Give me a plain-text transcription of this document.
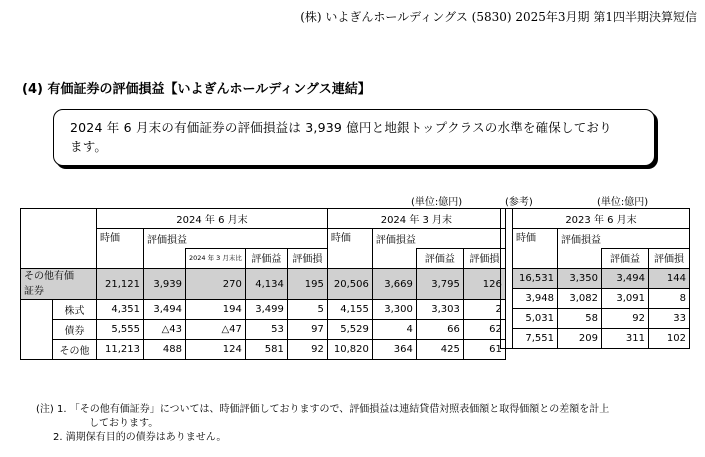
(株) いよぎんホールディングス (5830) 2025年3月期 第1四半期決算短信
(4) 有価証券の評価損益【いよぎんホールディングス連結】
2024 年 6 月末の有価証券の評価損益は 3,939 億円と地銀トップクラスの水準を確保しており
ます。
(単位:億円)	(参考)	(単位:億円)
		2024 年 6 月末					2024 年 3 月末			
		時価	評価損益				時価	評価損益		
				2024 年 3 月末比	評価益	評価損			評価益	評価損

その他有価
証券		21,121	3,939	270	4,134	195	20,506	3,669	3,795	126
	株式	4,351	3,494	194	3,499	5	4,155	3,300	3,303	2
	債券	5,555	△43	△47	53	97	5,529	4	66	62
	その他	11,213	488	124	581	92	10,820	364	425	61
	2023 年 6 月末			
	時価	評価損益		
			評価益	評価損
	16,531	3,350	3,494	144
	3,948	3,082	3,091	8
	5,031	58	92	33
	7,551	209	311	102
(注) 1. 「その他有価証券」については、時価評価しておりますので、評価損益は連結貸借対照表価額と取得価額との差額を計上
しております。
2. 満期保有目的の債券はありません。
